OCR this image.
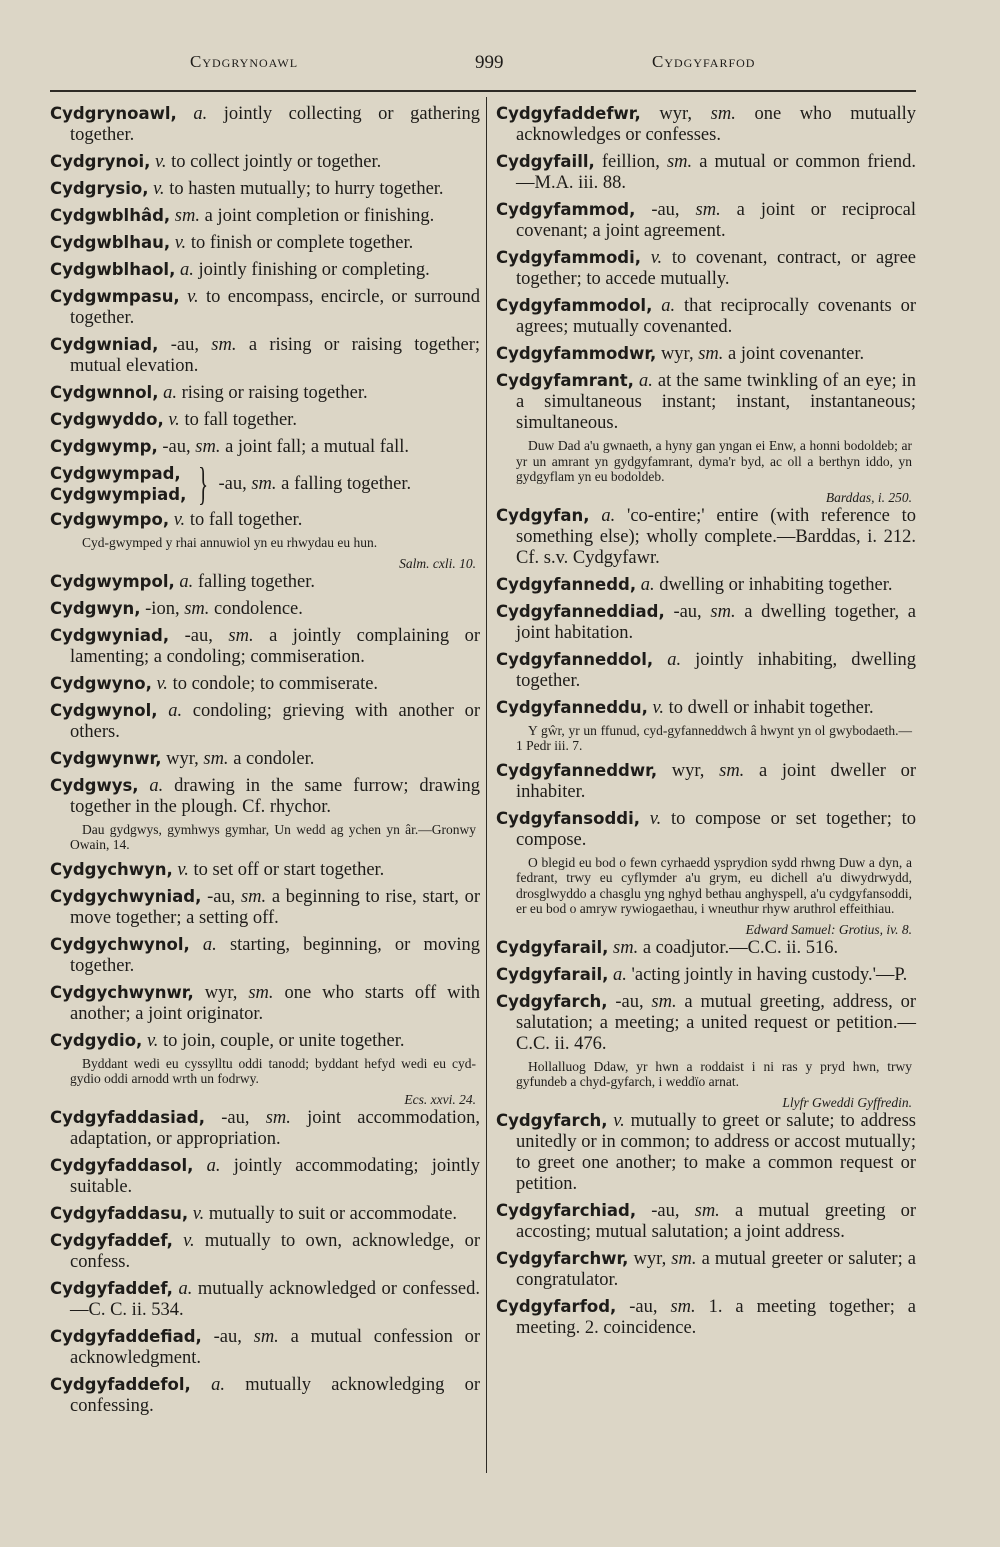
Cydgrynoawl	999	Cydgyfarfod
Cydgrynoawl, a. jointly collecting or gathering together.
Cydgrynoi, v. to collect jointly or together.
Cydgrysio, v. to hasten mutually; to hurry together.
Cydgwblhâd, sm. a joint completion or finishing.
Cydgwblhau, v. to finish or complete together.
Cydgwblhaol, a. jointly finishing or completing.
Cydgwmpasu, v. to encompass, encircle, or surround together.
Cydgwniad, -au, sm. a rising or raising together; mutual elevation.
Cydgwnnol, a. rising or raising together.
Cydgwyddo, v. to fall together.
Cydgwymp, -au, sm. a joint fall; a mutual fall.
Cydgwympad,
Cydgwympiad, } -au, sm. a falling together.
Cydgwympo, v. to fall together.
Cyd-gwymped y rhai annuwiol yn eu rhwydau eu hun.
Salm. cxli. 10.
Cydgwympol, a. falling together.
Cydgwyn, -ion, sm. condolence.
Cydgwyniad, -au, sm. a jointly complaining or lamenting; a condoling; commiseration.
Cydgwyno, v. to condole; to commiserate.
Cydgwynol, a. condoling; grieving with another or others.
Cydgwynwr, wyr, sm. a condoler.
Cydgwys, a. drawing in the same furrow; drawing together in the plough. Cf. rhychor.
Dau gydgwys, gymhwys gymhar, Un wedd ag ychen yn âr.—Gronwy Owain, 14.
Cydgychwyn, v. to set off or start together.
Cydgychwyniad, -au, sm. a beginning to rise, start, or move together; a setting off.
Cydgychwynol, a. starting, beginning, or moving together.
Cydgychwynwr, wyr, sm. one who starts off with another; a joint originator.
Cydgydio, v. to join, couple, or unite together.
Byddant wedi eu cyssylltu oddi tanodd; byddant hefyd wedi eu cyd-gydio oddi arnodd wrth un fodrwy.
Ecs. xxvi. 24.
Cydgyfaddasiad, -au, sm. joint accommodation, adaptation, or appropriation.
Cydgyfaddasol, a. jointly accommodating; jointly suitable.
Cydgyfaddasu, v. mutually to suit or accommodate.
Cydgyfaddef, v. mutually to own, acknowledge, or confess.
Cydgyfaddef, a. mutually acknowledged or confessed.—C. C. ii. 534.
Cydgyfaddefiad, -au, sm. a mutual confession or acknowledgment.
Cydgyfaddefol, a. mutually acknowledging or confessing.
Cydgyfaddefwr, wyr, sm. one who mutually acknowledges or confesses.
Cydgyfaill, feillion, sm. a mutual or common friend.—M.A. iii. 88.
Cydgyfammod, -au, sm. a joint or reciprocal covenant; a joint agreement.
Cydgyfammodi, v. to covenant, contract, or agree together; to accede mutually.
Cydgyfammodol, a. that reciprocally covenants or agrees; mutually covenanted.
Cydgyfammodwr, wyr, sm. a joint covenanter.
Cydgyfamrant, a. at the same twinkling of an eye; in a simultaneous instant; instant, instantaneous; simultaneous.
Duw Dad a'u gwnaeth, a hyny gan yngan ei Enw, a honni bodoldeb; ar yr un amrant yn gydgyfamrant, dyma'r byd, ac oll a berthyn iddo, yn gydgyflam yn eu bodoldeb.
Barddas, i. 250.
Cydgyfan, a. 'co-entire;' entire (with reference to something else); wholly complete.—Barddas, i. 212. Cf. s.v. Cydgyfawr.
Cydgyfannedd, a. dwelling or inhabiting together.
Cydgyfanneddiad, -au, sm. a dwelling together, a joint habitation.
Cydgyfanneddol, a. jointly inhabiting, dwelling together.
Cydgyfanneddu, v. to dwell or inhabit together.
Y gŵr, yr un ffunud, cyd-gyfanneddwch â hwynt yn ol gwybodaeth.—1 Pedr iii. 7.
Cydgyfanneddwr, wyr, sm. a joint dweller or inhabiter.
Cydgyfansoddi, v. to compose or set together; to compose.
O blegid eu bod o fewn cyrhaedd ysprydion sydd rhwng Duw a dyn, a fedrant, trwy eu cyflymder a'u grym, eu dichell a'u diwydrwydd, drosglwyddo a chasglu yng nghyd bethau anghyspell, a'u cydgyfansoddi, er eu bod o amryw rywiogaethau, i wneuthur rhyw aruthrol effeithiau.
Edward Samuel: Grotius, iv. 8.
Cydgyfarail, sm. a coadjutor.—C.C. ii. 516.
Cydgyfarail, a. 'acting jointly in having custody.'—P.
Cydgyfarch, -au, sm. a mutual greeting, address, or salutation; a meeting; a united request or petition.—C.C. ii. 476.
Hollalluog Ddaw, yr hwn a roddaist i ni ras y pryd hwn, trwy gyfundeb a chyd-gyfarch, i weddïo arnat.
Llyfr Gweddi Gyffredin.
Cydgyfarch, v. mutually to greet or salute; to address unitedly or in common; to address or accost mutually; to greet one another; to make a common request or petition.
Cydgyfarchiad, -au, sm. a mutual greeting or accosting; mutual salutation; a joint address.
Cydgyfarchwr, wyr, sm. a mutual greeter or saluter; a congratulator.
Cydgyfarfod, -au, sm. 1. a meeting together; a meeting. 2. coincidence.
